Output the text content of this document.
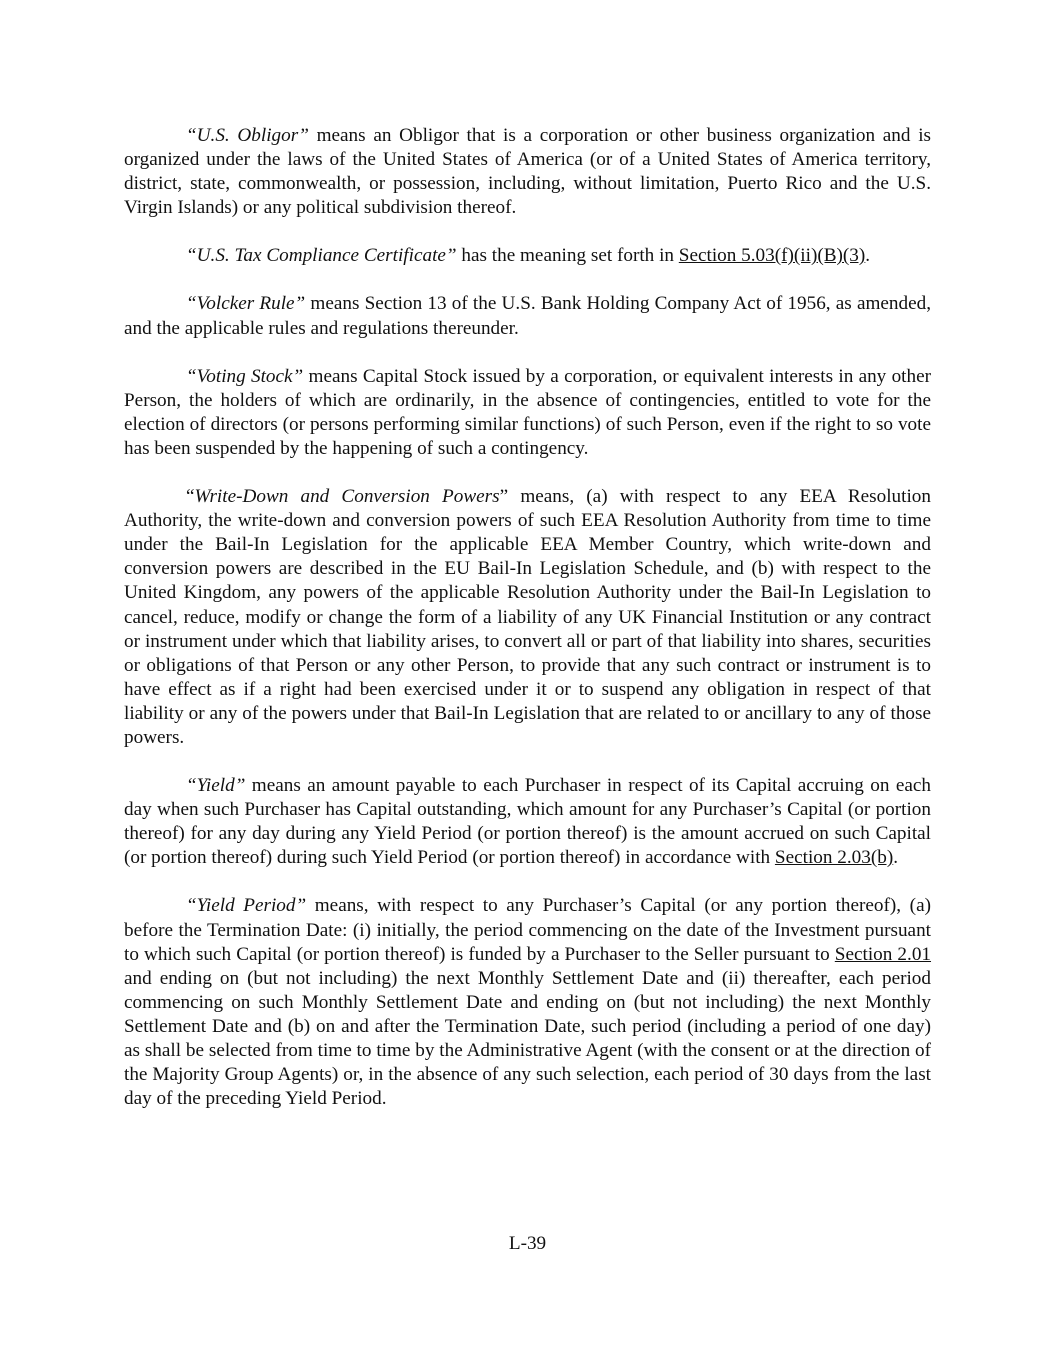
“U.S. Obligor” means an Obligor that is a corporation or other business organization and is organized under the laws of the United States of America (or of a United States of America territory, district, state, commonwealth, or possession, including, without limitation, Puerto Rico and the U.S. Virgin Islands) or any political subdivision thereof.

“U.S. Tax Compliance Certificate” has the meaning set forth in Section 5.03(f)(ii)(B)(3).

“Volcker Rule” means Section 13 of the U.S. Bank Holding Company Act of 1956, as amended, and the applicable rules and regulations thereunder.

“Voting Stock” means Capital Stock issued by a corporation, or equivalent interests in any other Person, the holders of which are ordinarily, in the absence of contingencies, entitled to vote for the election of directors (or persons performing similar functions) of such Person, even if the right to so vote has been suspended by the happening of such a contingency.

“Write-Down and Conversion Powers” means, (a) with respect to any EEA Resolution Authority, the write-down and conversion powers of such EEA Resolution Authority from time to time under the Bail-In Legislation for the applicable EEA Member Country, which write-down and conversion powers are described in the EU Bail-In Legislation Schedule, and (b) with respect to the United Kingdom, any powers of the applicable Resolution Authority under the Bail-In Legislation to cancel, reduce, modify or change the form of a liability of any UK Financial Institution or any contract or instrument under which that liability arises, to convert all or part of that liability into shares, securities or obligations of that Person or any other Person, to provide that any such contract or instrument is to have effect as if a right had been exercised under it or to suspend any obligation in respect of that liability or any of the powers under that Bail-In Legislation that are related to or ancillary to any of those powers.

“Yield” means an amount payable to each Purchaser in respect of its Capital accruing on each day when such Purchaser has Capital outstanding, which amount for any Purchaser’s Capital (or portion thereof) for any day during any Yield Period (or portion thereof) is the amount accrued on such Capital (or portion thereof) during such Yield Period (or portion thereof) in accordance with Section 2.03(b).

“Yield Period” means, with respect to any Purchaser’s Capital (or any portion thereof), (a) before the Termination Date: (i) initially, the period commencing on the date of the Investment pursuant to which such Capital (or portion thereof) is funded by a Purchaser to the Seller pursuant to Section 2.01 and ending on (but not including) the next Monthly Settlement Date and (ii) thereafter, each period commencing on such Monthly Settlement Date and ending on (but not including) the next Monthly Settlement Date and (b) on and after the Termination Date, such period (including a period of one day) as shall be selected from time to time by the Administrative Agent (with the consent or at the direction of the Majority Group Agents) or, in the absence of any such selection, each period of 30 days from the last day of the preceding Yield Period.

L-39
